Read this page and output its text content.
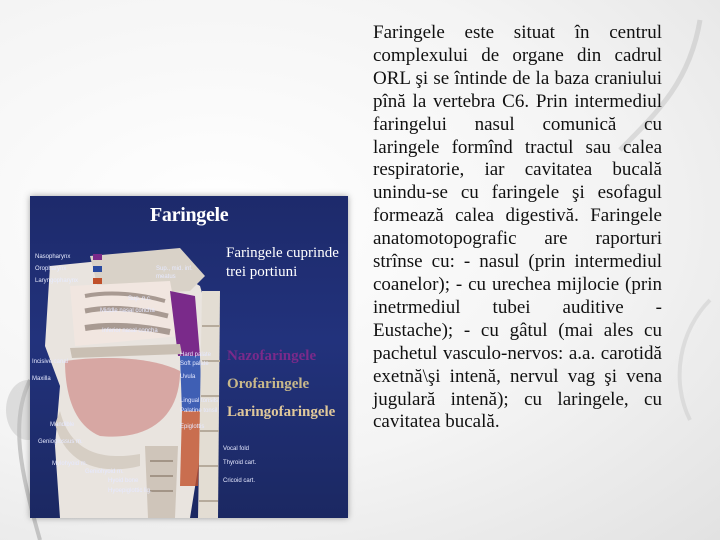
Faringele
Faringele cuprinde trei portiuni
Nazofaringele
Orofaringele
Laringofaringele
Nasopharynx
Oropharynx
Laryngopharynx
Sup., mid. inf.
meatus
Sup. n.c.
Middle nasal concha
Inferior nasal concha
Hard palate
Soft palate
Uvula
Incisive canal
Maxilla
Lingual tonsils
Palatine tonsil
Epiglottis
Mandible
Genioglossus m.
Mylohyoid m.
Geniohyoid m.
Hyoid bone
Hyoepiglottic lig.
Vocal fold
Thyroid cart.
Cricoid cart.
Faringele este situat în centrul complexului de organe din cadrul ORL şi se întinde de la baza craniului pînă la vertebra C6. Prin intermediul faringelui nasul comunică cu laringele formînd tractul sau calea respiratorie, iar cavitatea bucală unindu-se cu faringele şi esofagul formează calea digestivă. Faringele anatomotopografic are raporturi strînse cu: - nasul (prin intermediul coanelor); - cu urechea mijlocie (prin inetrmediul tubei auditive - Eustache); - cu gâtul (mai ales cu pachetul vasculo-nervos: a.a. carotidă exetnă\şi intenă, nervul vag şi vena jugulară intenă); cu laringele, cu cavitatea bucală.
